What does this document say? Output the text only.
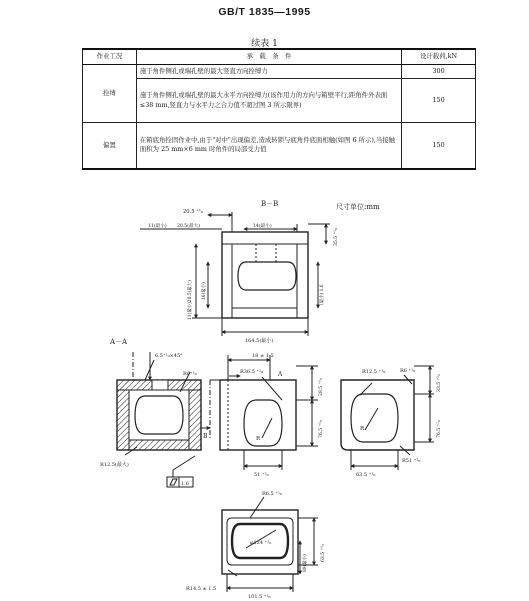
GB/T 1835—1995
续表 1
作业工况	承　载　条　件	设计载荷,kN
拴缚	施于角件侧孔或端孔壁的最大竖直方向拴缚力	300
	施于角件侧孔或端孔壁的最大水平方向拴缚力(该作用力的方向与箱壁平行,距角件外表面≤38 mm,竖直力与水平力之合力值不超过图 3 所示限界)	150
偏置	在箱底角拴固作业中,由于"对中"出现偏差,造成转锁与底角件底面相触(如图 6 所示),当接触面积为 25 mm×6 mm 时角件的局部受力值	150
尺寸单位:mm
B－B
20.5 ⁺¹₀
11(最小) 20.5(最大)	14(最小)
35.5 ⁺¹₀
11(最小)20.5(最大)	16(最小)	(最小) 1.6
164.5(最小)
A－A
6.5⁺¹₀×45°
R6⁺¹₀
R12.5(最大)
1.6
18 ± 1.5
R36.5 ⁺²₀ A
B
28.5 ⁺¹₀
76.5 ⁺¹₀
51 ⁺²₀
R
R12.5 ⁺¹₀	R6 ⁺¹₀
33.5 ⁺¹₀
76.5 ⁺²₀
R51 ⁺²₀
63.5 ⁺²₀
R
R6.5 ⁺¹₀
φ124 ⁺²₀
63.5 ⁺¹₀
89(最小)
101.5 ⁺¹₀
R14.5 ± 1.5
